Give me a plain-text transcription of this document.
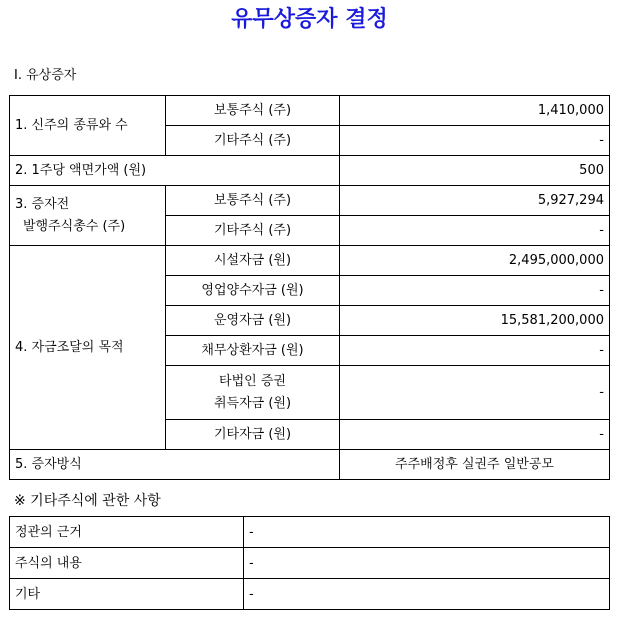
유무상증자 결정
Ⅰ. 유상증자
1. 신주의 종류와 수	보통주식 (주)	1,410,000
	기타주식 (주)	-
2. 1주당 액면가액 (원)		500

3. 증자전
발행주식총수 (주)	보통주식 (주)	5,927,294
	기타주식 (주)	-
4. 자금조달의 목적	시설자금 (원)	2,495,000,000
	영업양수자금 (원)	-
	운영자금 (원)	15,581,200,000
	채무상환자금 (원)	-

	타법인 증권
취득자금 (원)	-
	기타자금 (원)	-
5. 증자방식		주주배정후 실권주 일반공모
※ 기타주식에 관한 사항
정관의 근거	-
주식의 내용	-
기타	-
